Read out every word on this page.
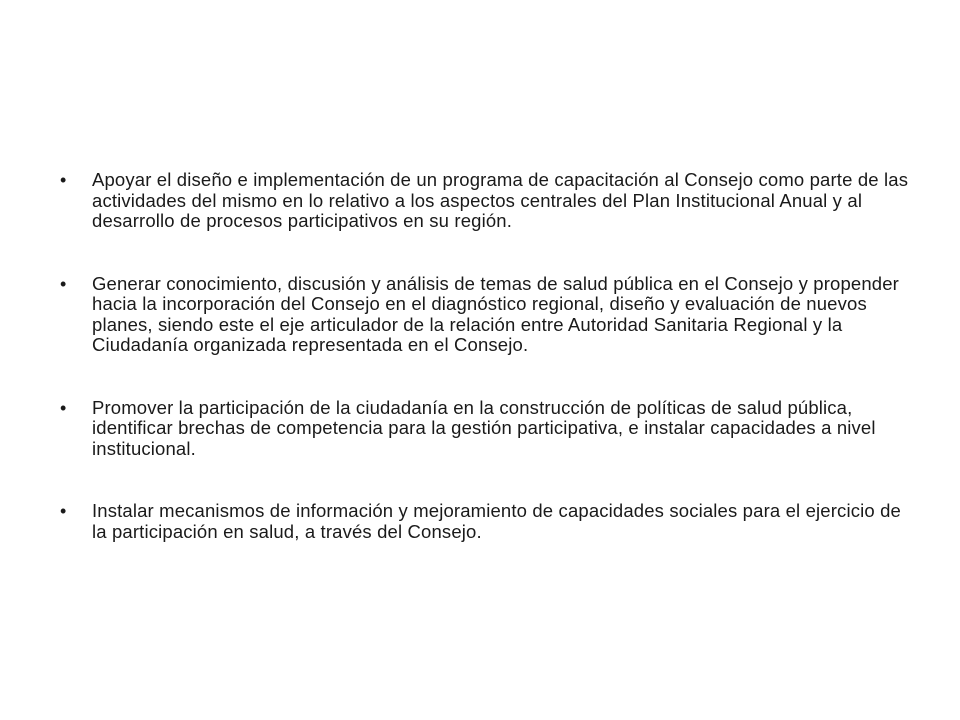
• Apoyar el diseño e implementación de un programa de capacitación al Consejo como parte de las actividades del mismo en lo relativo a los aspectos centrales del Plan Institucional Anual y al desarrollo de procesos participativos en su región.
• Generar conocimiento, discusión y análisis de temas de salud pública en el Consejo y propender hacia la incorporación del Consejo en el diagnóstico regional, diseño y evaluación de nuevos planes, siendo este el eje articulador de la relación entre Autoridad Sanitaria Regional y la Ciudadanía organizada representada en el Consejo.
• Promover la participación de la ciudadanía en la construcción de políticas de salud pública, identificar brechas de competencia para la gestión participativa, e instalar capacidades a nivel institucional.
• Instalar mecanismos de información y mejoramiento de capacidades sociales para el ejercicio de la participación en salud, a través del Consejo.
